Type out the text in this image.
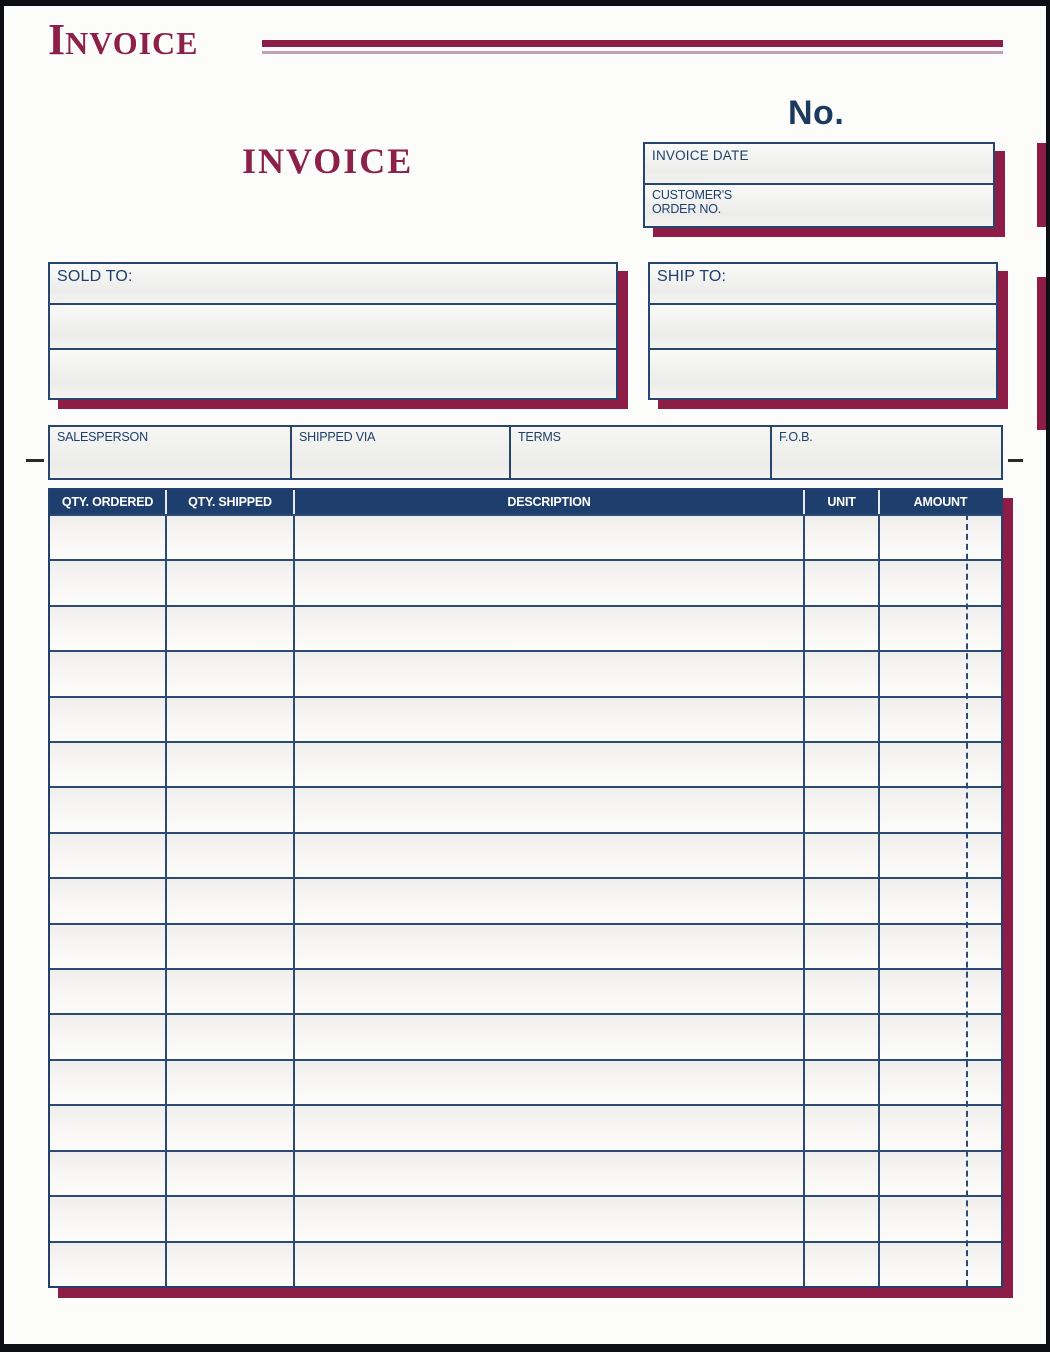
INVOICE
No.
INVOICE	INVOICE DATE
CUSTOMER'S
ORDER NO.
SOLD TO:	SHIP TO:
SALESPERSON	SHIPPED VIA	TERMS	F.O.B.
QTY. ORDERED	QTY. SHIPPED	DESCRIPTION	UNIT	AMOUNT
